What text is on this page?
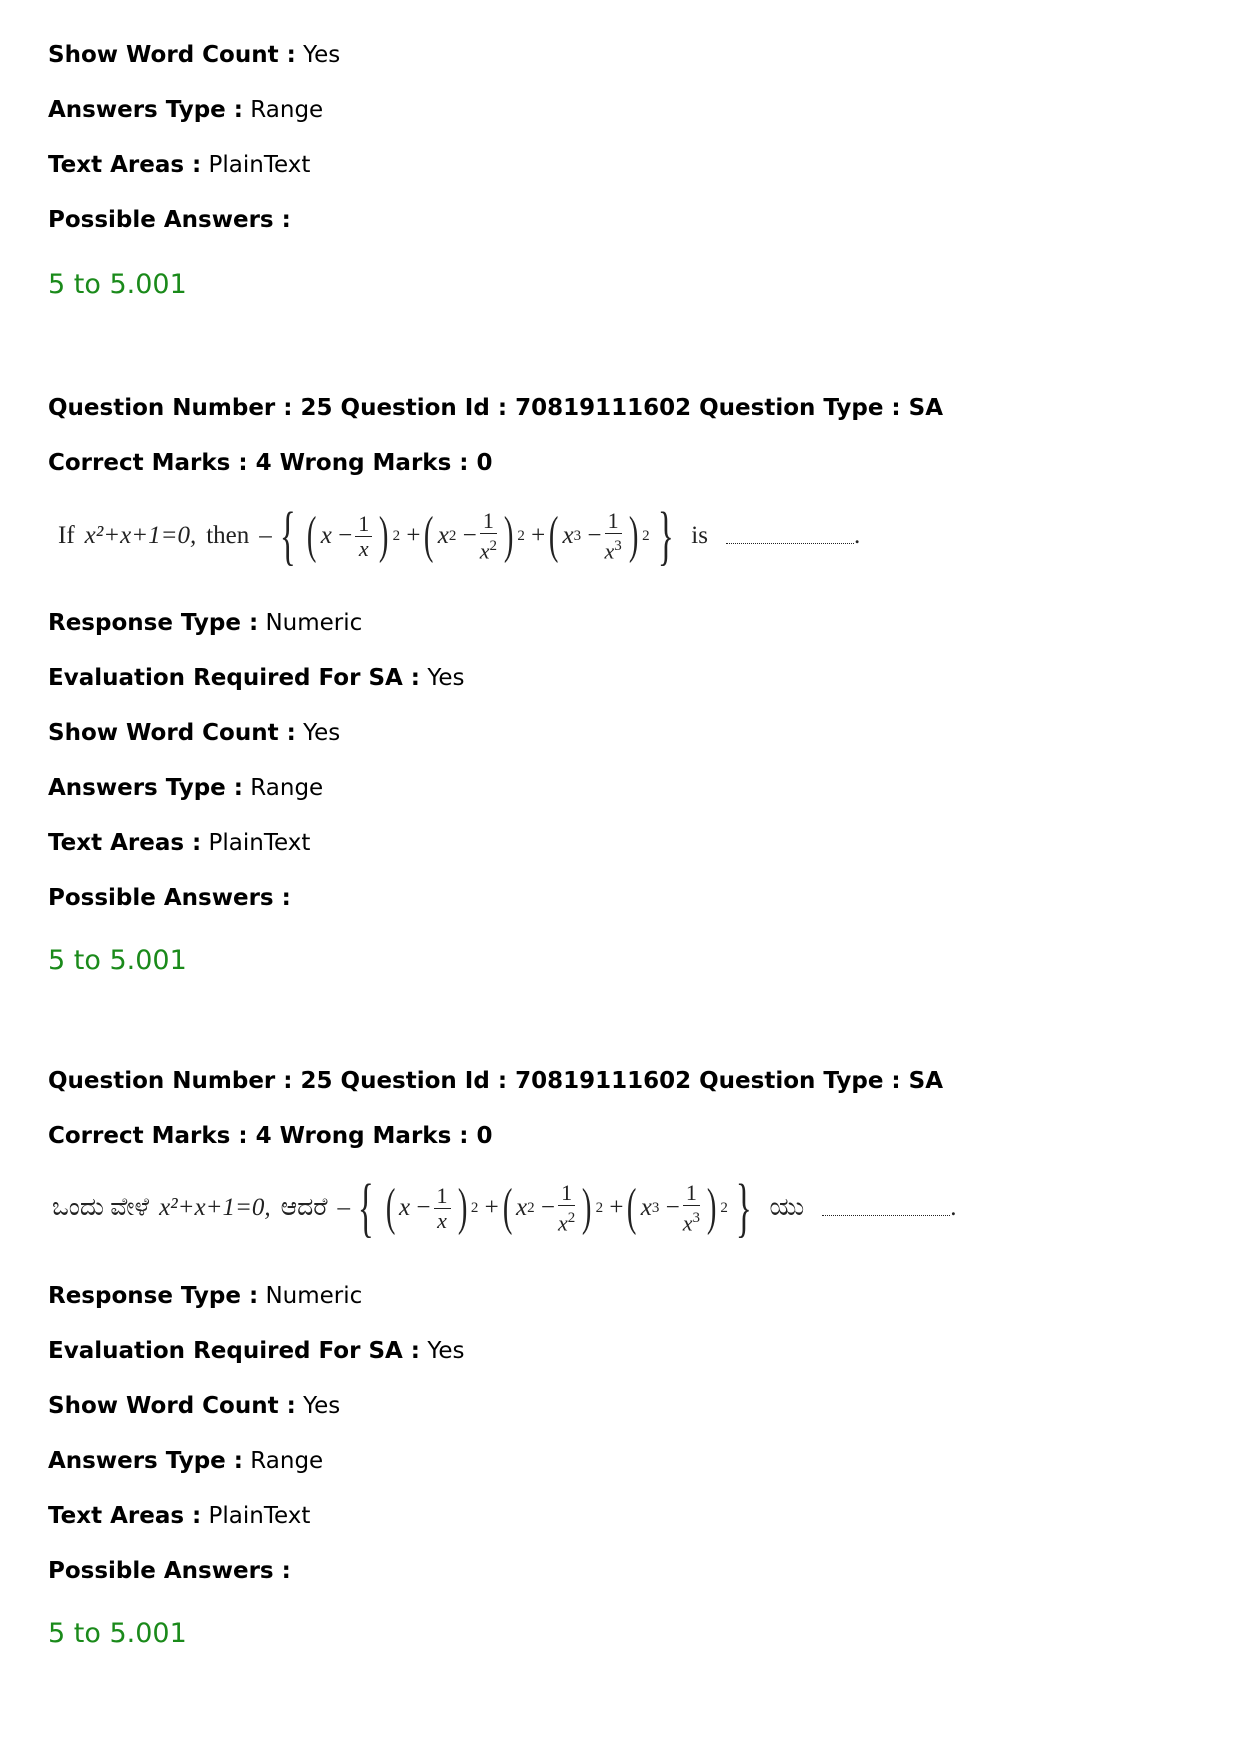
Show Word Count : Yes
Answers Type : Range
Text Areas : PlainText
Possible Answers :
5 to 5.001
Question Number : 25 Question Id : 70819111602 Question Type : SA
Correct Marks : 4 Wrong Marks : 0
If x²+x+1=0, then – { ( $x - \frac{1}{x}$ ) 2 + ( x $2 - \frac{1}{x^2}$ ) 2 + ( x $3 - \frac{1}{x^3}$ ) 2 } is	.
Response Type : Numeric
Evaluation Required For SA : Yes
Show Word Count : Yes
Answers Type : Range
Text Areas : PlainText
Possible Answers :
5 to 5.001
Question Number : 25 Question Id : 70819111602 Question Type : SA
Correct Marks : 4 Wrong Marks : 0
ಒಂದು ವೇಳೆ x²+x+1=0, ಆದರೆ – { ( $x - \frac{1}{x}$ ) 2 + ( x $2 - \frac{1}{x^2}$ ) 2 + ( x $3 - \frac{1}{x^3}$ ) 2 } ಯು	.
Response Type : Numeric
Evaluation Required For SA : Yes
Show Word Count : Yes
Answers Type : Range
Text Areas : PlainText
Possible Answers :
5 to 5.001
